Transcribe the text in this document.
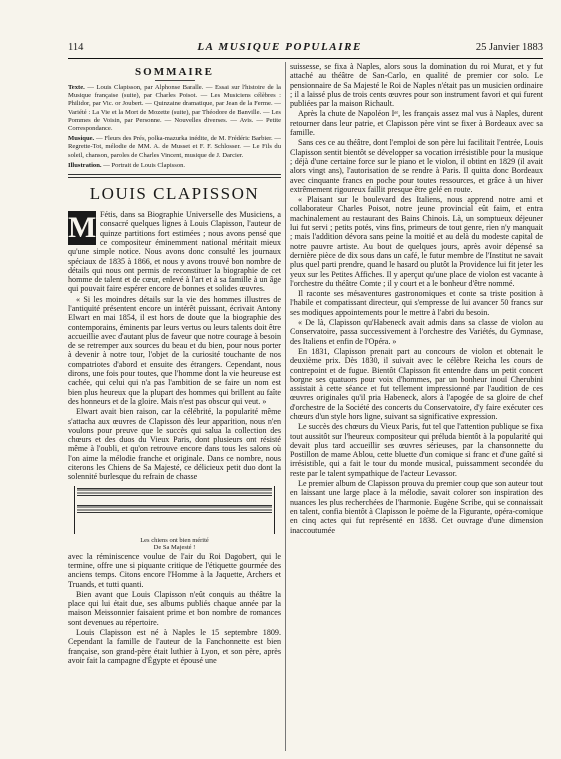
114	LA MUSIQUE POPULAIRE	25 Janvier 1883
SOMMAIRE

Texte. — Louis Clapisson, par Alphonse Baralle. — Essai sur l'histoire de la Musique française (suite), par Charles Poisot. — Les Musiciens célèbres : Philidor, par Vic. or Joubert. — Quinzaine dramatique, par Jean de la Ferme. — Variété : La Vie et la Mort de Mozette (suite), par Théodore de Banville. — Les Pommes de Voisin, par Personne. — Nouvelles diverses. — Avis. — Petite Correspondance.

Musique. — Fleurs des Prés, polka-mazurka inédite, de M. Frédéric Barbier. — Regrette-Tot, mélodie de MM. A. de Musset et F. F. Schlosser. — Le Fils du soleil, chanson, paroles de Charles Vincent, musique de J. Darcier.

Illustration. — Portrait de Louis Clapisson.

LOUIS CLAPISSON

M Fétis, dans sa Biographie Universelle des Musiciens, a consacré quelques lignes à Louis Clapisson, l'auteur de quinze partitions fort estimées ; nous avons pensé que ce compositeur éminemment national méritait mieux qu'une simple notice. Nous avons donc consulté les journaux spéciaux de 1835 à 1866, et nous y avons trouvé bon nombre de détails qui nous ont permis de reconstituer la biographie de cet homme de talent et de cœur, enlevé à l'art et à sa famille à un âge qui pouvait faire espérer encore de bonnes et solides œuvres.

« Si les moindres détails sur la vie des hommes illustres de l'antiquité présentent encore un intérêt puissant, écrivait Antony Elwart en mai 1854, il est hors de doute que la biographie des contemporains, éminents par leurs vertus ou leurs talents doit être accueillie avec d'autant plus de faveur que notre courage à besoin de se retremper aux sources du beau et du bien, pour nous porter à devenir à notre tour, l'objet de la curiosité touchante de nos compatriotes d'abord et ensuite des étrangers. Cependant, nous dirons, une fois pour toutes, que l'homme dont la vie heureuse est cachée, qui celui qui n'a pas l'ambition de se faire un nom est bien plus heureux que la plupart des hommes qui brillent au faîte des honneurs et de la gloire. Mais n'est pas obscur qui veut. »

Elwart avait bien raison, car la célébrité, la popularité même s'attacha aux œuvres de Clapisson dès leur apparition, nous n'en voulons pour preuve que le succès qui salua la collection des chœurs et des duos du Vieux Paris, dont plusieurs ont résisté même à l'oubli, et qu'on retrouve encore dans tous les salons où l'on aime la mélodie franche et originale. Dans ce nombre, nous citerons les Chiens de Sa Majesté, ce délicieux petit duo dont la solennité burlesque du refrain de chasse

Les chiens ont bien mérité
De Sa Majesté !

avec la réminiscence voulue de l'air du Roi Dagobert, qui le termine, offre une si piquante critique de l'étiquette gourmée des anciens temps. Citons encore l'Homme à la Jaquette, Archers et Truands, et tutti quanti.

Bien avant que Louis Clapisson n'eût conquis au théâtre la place qui lui était due, ses albums publiés chaque année par la maison Meissonnier faisaient prime et bon nombre de romances sont devenues au répertoire.

Louis Clapisson est né à Naples le 15 septembre 1809. Cependant la famille de l'auteur de la Fanchonnette est bien française, son grand-père était luthier à Lyon, et son père, après avoir fait la campagne d'Égypte et épousé une

suissesse, se fixa à Naples, alors sous la domination du roi Murat, et y fut attaché au théâtre de San-Carlo, en qualité de premier cor solo. Le pensionnaire de Sa Majesté le Roi de Naples n'était pas un musicien ordinaire ; il a laissé plus de trois cents œuvres pour son instrument favori et qui furent publiées par la maison Richault.

Après la chute de Napoléon Iᵉʳ, les français assez mal vus à Naples, durent retourner dans leur patrie, et Clapisson père vint se fixer à Bordeaux avec sa famille.

Sans ces ce au théâtre, dont l'emploi de son père lui facilitait l'entrée, Louis Clapisson sentit bientôt se développer sa vocation irrésistible pour la musique ; déjà d'une certaine force sur le piano et le violon, il obtint en 1829 (il avait alors vingt ans), l'autorisation de se rendre à Paris. Il quitta donc Bordeaux avec cinquante francs en poche pour toutes ressources, et grâce à un hiver extrêmement rigoureux faillit presque être gelé en route.

« Plaisant sur le boulevard des Italiens, nous apprend notre ami et collaborateur Charles Poisot, notre jeune provincial eût faim, et entra machinalement au restaurant des Bains Chinois. Là, un somptueux déjeuner lui fut servi ; petits potés, vins fins, primeurs de tout genre, rien n'y manquait ; mais l'addition dévora sans peine la moitié et au delà du modeste capital de notre pauvre artiste. Au bout de quelques jours, après avoir dépensé sa dernière pièce de dix sous dans un café, le futur membre de l'Institut ne savait plus quel parti prendre, quand le hasard ou plutôt la Providence lui fit jeter les yeux sur les Petites Affiches. Il y aperçut qu'une place de violon est vacante à l'orchestre du théâtre Comte ; il y court et a le bonheur d'être nommé.

Il raconte ses mésaventures gastronomiques et conte sa triste position à l'habile et compatissant directeur, qui s'empresse de lui avancer 50 francs sur ses modiques appointements pour le mettre à l'abri du besoin.

« De là, Clapisson qu'Habeneck avait admis dans sa classe de violon au Conservatoire, passa successivement à l'orchestre des Variétés, du Gymnase, des Italiens et enfin de l'Opéra. »

En 1831, Clapisson prenait part au concours de violon et obtenait le deuxième prix. Dès 1830, il suivait avec le célèbre Reicha les cours de contrepoint et de fugue. Bientôt Clapisson fit entendre dans un petit concert borgne ses quatuors pour voix d'hommes, par un bonheur inouï Cherubini assistait à cette séance et fut tellement impressionné par l'audition de ces œuvres originales qu'il pria Habeneck, alors à l'apogée de sa gloire de chef d'orchestre de la Société des concerts du Conservatoire, d'y faire exécuter ces chœurs d'un style hors ligne, suivant sa significative expression.

Le succès des chœurs du Vieux Paris, fut tel que l'attention publique se fixa tout aussitôt sur l'heureux compositeur qui préluda bientôt à la popularité qui devait plus tard accueillir ses œuvres sérieuses, par la chansonnette du Postillon de mame Ablou, cette bluette d'un comique si franc et d'une gaîté si irrésistible, qui a fait le tour du monde musical, puissamment secondée du reste par le talent sympathique de l'acteur Levassor.

Le premier album de Clapisson prouva du premier coup que son auteur tout en laissant une large place à la mélodie, savait colorer son inspiration des nuances les plus recherchées de l'harmonie. Eugène Scribe, qui se connaissait en talent, confia bientôt à Clapisson le poème de la Figurante, opéra-comique en cinq actes qui fut représenté en 1838. Cet ouvrage d'une dimension inaccoutumée
